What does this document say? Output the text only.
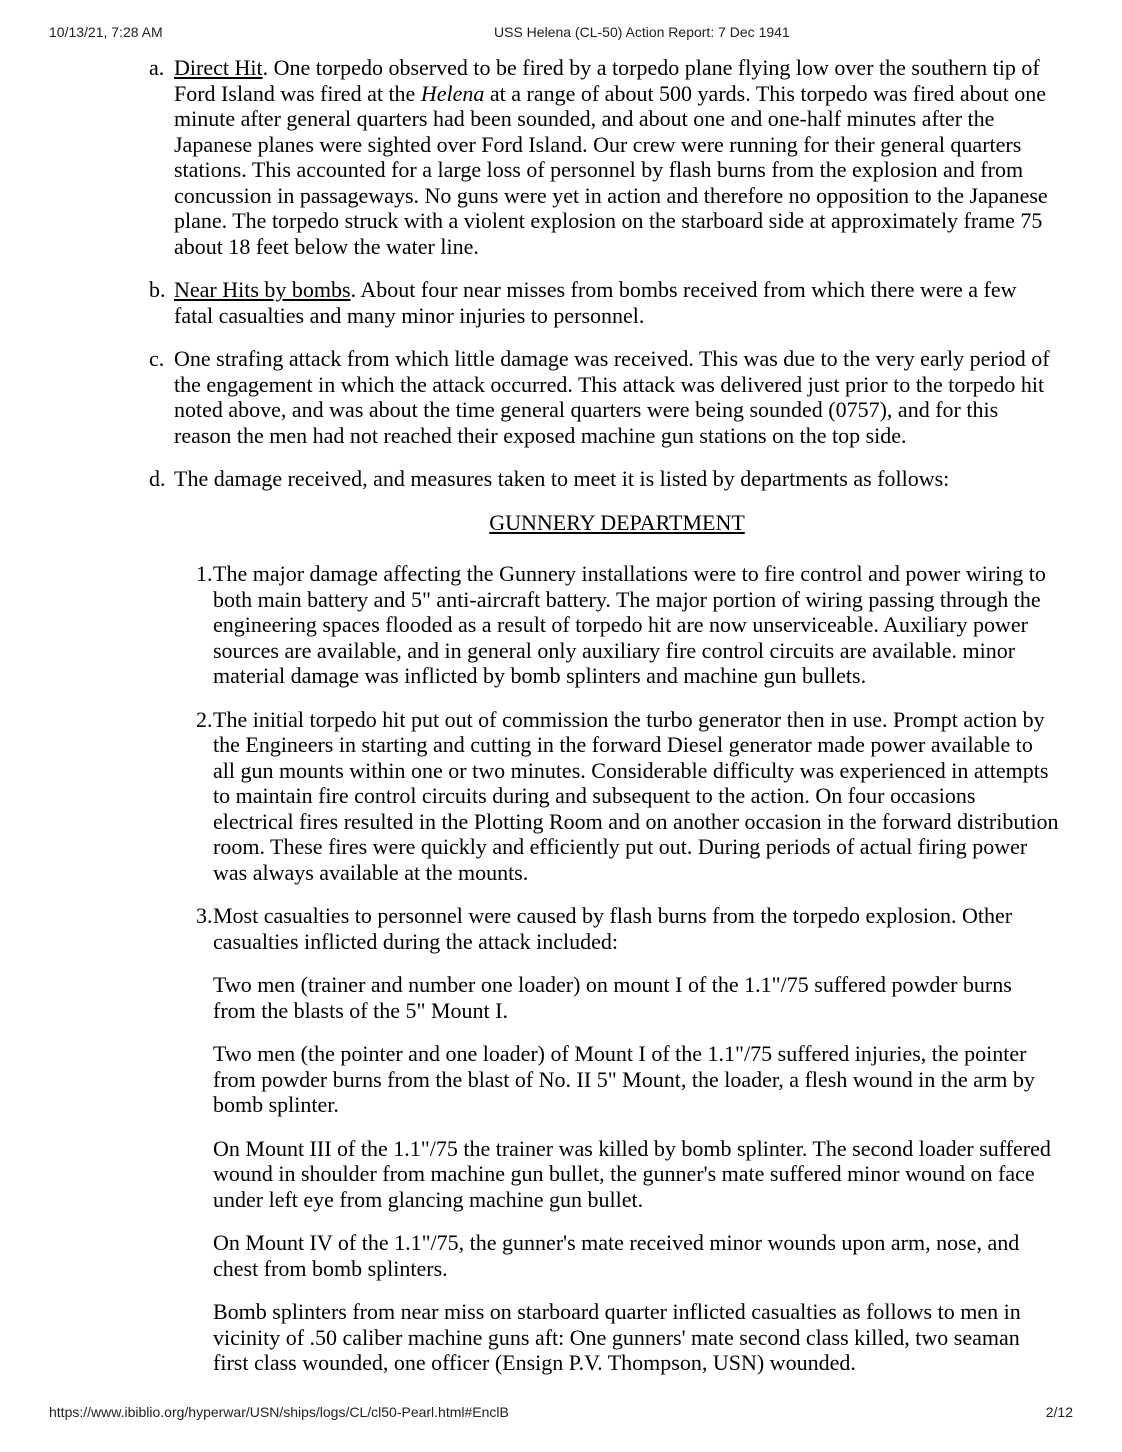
10/13/21, 7:28 AM	USS Helena (CL-50) Action Report: 7 Dec 1941
a. Direct Hit. One torpedo observed to be fired by a torpedo plane flying low over the southern tip of Ford Island was fired at the Helena at a range of about 500 yards. This torpedo was fired about one minute after general quarters had been sounded, and about one and one-half minutes after the Japanese planes were sighted over Ford Island. Our crew were running for their general quarters stations. This accounted for a large loss of personnel by flash burns from the explosion and from concussion in passageways. No guns were yet in action and therefore no opposition to the Japanese plane. The torpedo struck with a violent explosion on the starboard side at approximately frame 75 about 18 feet below the water line.
b. Near Hits by bombs. About four near misses from bombs received from which there were a few fatal casualties and many minor injuries to personnel.
c. One strafing attack from which little damage was received. This was due to the very early period of the engagement in which the attack occurred. This attack was delivered just prior to the torpedo hit noted above, and was about the time general quarters were being sounded (0757), and for this reason the men had not reached their exposed machine gun stations on the top side.
d. The damage received, and measures taken to meet it is listed by departments as follows:
GUNNERY DEPARTMENT
1. The major damage affecting the Gunnery installations were to fire control and power wiring to both main battery and 5" anti-aircraft battery. The major portion of wiring passing through the engineering spaces flooded as a result of torpedo hit are now unserviceable. Auxiliary power sources are available, and in general only auxiliary fire control circuits are available. minor material damage was inflicted by bomb splinters and machine gun bullets.
2. The initial torpedo hit put out of commission the turbo generator then in use. Prompt action by the Engineers in starting and cutting in the forward Diesel generator made power available to all gun mounts within one or two minutes. Considerable difficulty was experienced in attempts to maintain fire control circuits during and subsequent to the action. On four occasions electrical fires resulted in the Plotting Room and on another occasion in the forward distribution room. These fires were quickly and efficiently put out. During periods of actual firing power was always available at the mounts.
3. Most casualties to personnel were caused by flash burns from the torpedo explosion. Other casualties inflicted during the attack included:
Two men (trainer and number one loader) on mount I of the 1.1"/75 suffered powder burns from the blasts of the 5" Mount I.
Two men (the pointer and one loader) of Mount I of the 1.1"/75 suffered injuries, the pointer from powder burns from the blast of No. II 5" Mount, the loader, a flesh wound in the arm by bomb splinter.
On Mount III of the 1.1"/75 the trainer was killed by bomb splinter. The second loader suffered wound in shoulder from machine gun bullet, the gunner's mate suffered minor wound on face under left eye from glancing machine gun bullet.
On Mount IV of the 1.1"/75, the gunner's mate received minor wounds upon arm, nose, and chest from bomb splinters.
Bomb splinters from near miss on starboard quarter inflicted casualties as follows to men in vicinity of .50 caliber machine guns aft: One gunners' mate second class killed, two seaman first class wounded, one officer (Ensign P.V. Thompson, USN) wounded.
https://www.ibiblio.org/hyperwar/USN/ships/logs/CL/cl50-Pearl.html#EnclB	2/12
